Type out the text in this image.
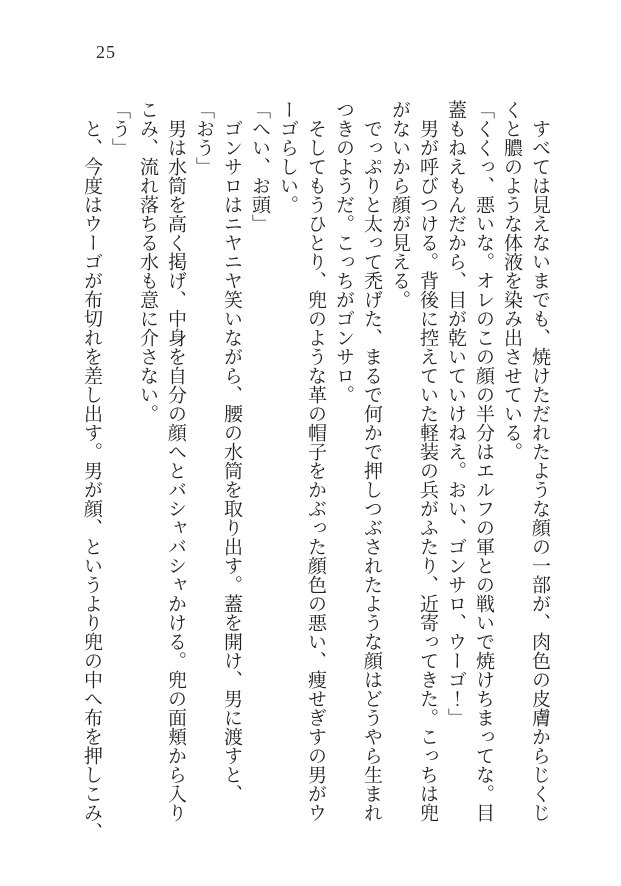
25

　すべては見えないまでも、焼けただれたような顔の一部が、肉色の皮膚からじくじ

くと膿のような体液を染み出させている。

「くくっ、悪いな。オレのこの顔の半分はエルフの軍との戦いで焼けちまってな。目

蓋もねえもんだから、目が乾いていけねえ。おい、ゴンサロ、ウーゴ！」

　男が呼びつける。背後に控えていた軽装の兵がふたり、近寄ってきた。こっちは兜

がないから顔が見える。

　でっぷりと太って禿げた、まるで何かで押しつぶされたような顔はどうやら生まれ

つきのようだ。こっちがゴンサロ。

　そしてもうひとり、兜のような革の帽子をかぶった顔色の悪い、痩せぎすの男がウ

ーゴらしい。

「へい、お頭」

　ゴンサロはニヤニヤ笑いながら、腰の水筒を取り出す。蓋を開け、男に渡すと、

「おう」

　男は水筒を高く掲げ、中身を自分の顔へとバシャバシャかける。兜の面頬から入り

こみ、流れ落ちる水も意に介さない。

「う」

　と、今度はウーゴが布切れを差し出す。男が顔、というより兜の中へ布を押しこみ、
